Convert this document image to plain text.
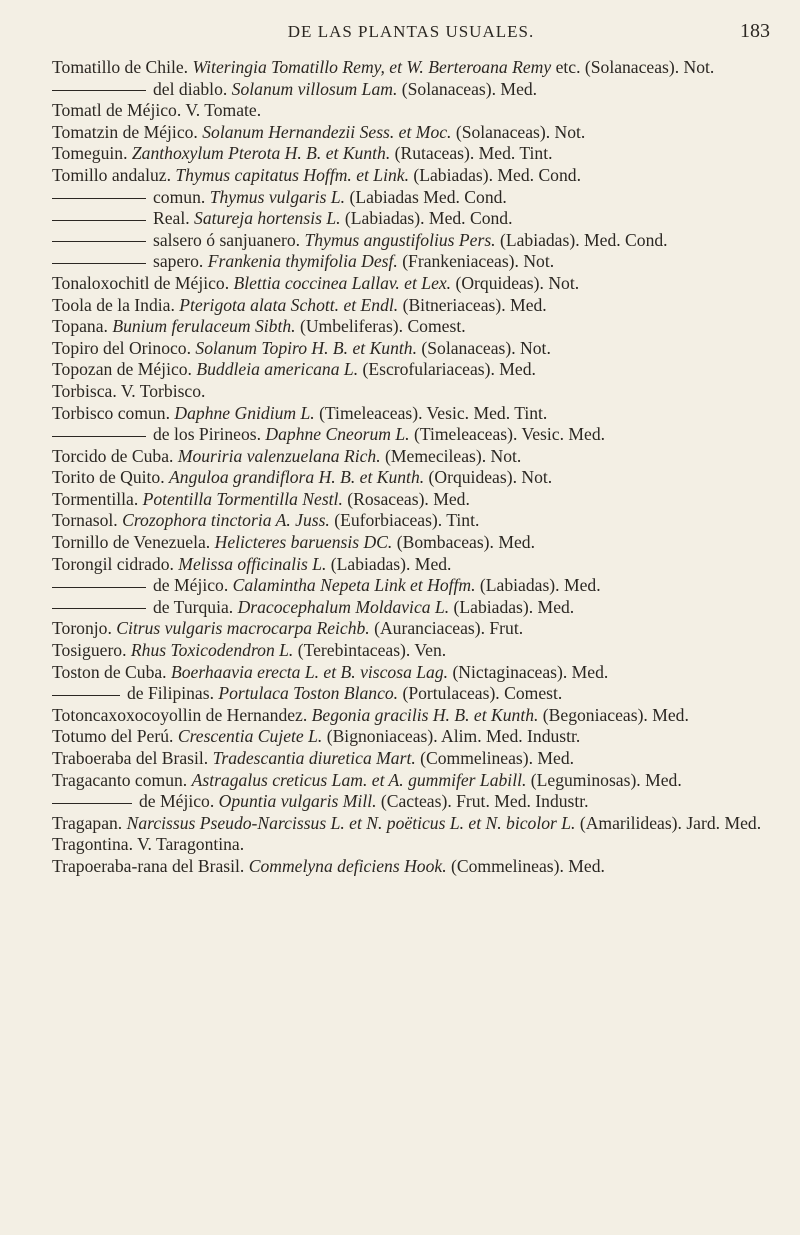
DE LAS PLANTAS USUALES.	183

Tomatillo de Chile. Witeringia Tomatillo Remy, et W. Berteroana Remy etc. (Solanaceas). Not.

del diablo. Solanum villosum Lam. (Solanaceas). Med.

Tomatl de Méjico. V. Tomate.

Tomatzin de Méjico. Solanum Hernandezii Sess. et Moc. (Solanaceas). Not.

Tomeguin. Zanthoxylum Pterota H. B. et Kunth. (Rutaceas). Med. Tint.

Tomillo andaluz. Thymus capitatus Hoffm. et Link. (Labiadas). Med. Cond.

comun. Thymus vulgaris L. (Labiadas Med. Cond.

Real. Satureja hortensis L. (Labiadas). Med. Cond.

salsero ó sanjuanero. Thymus angustifolius Pers. (Labiadas). Med. Cond.

sapero. Frankenia thymifolia Desf. (Frankeniaceas). Not.

Tonaloxochitl de Méjico. Blettia coccinea Lallav. et Lex. (Orquideas). Not.

Toola de la India. Pterigota alata Schott. et Endl. (Bitneriaceas). Med.

Topana. Bunium ferulaceum Sibth. (Umbeliferas). Comest.

Topiro del Orinoco. Solanum Topiro H. B. et Kunth. (Solanaceas). Not.

Topozan de Méjico. Buddleia americana L. (Escrofulariaceas). Med.

Torbisca. V. Torbisco.

Torbisco comun. Daphne Gnidium L. (Timeleaceas). Vesic. Med. Tint.

de los Pirineos. Daphne Cneorum L. (Timeleaceas). Vesic. Med.

Torcido de Cuba. Mouriria valenzuelana Rich. (Memecileas). Not.

Torito de Quito. Anguloa grandiflora H. B. et Kunth. (Orquideas). Not.

Tormentilla. Potentilla Tormentilla Nestl. (Rosaceas). Med.

Tornasol. Crozophora tinctoria A. Juss. (Euforbiaceas). Tint.

Tornillo de Venezuela. Helicteres baruensis DC. (Bombaceas). Med.

Torongil cidrado. Melissa officinalis L. (Labiadas). Med.

de Méjico. Calamintha Nepeta Link et Hoffm. (Labiadas). Med.

de Turquia. Dracocephalum Moldavica L. (Labiadas). Med.

Toronjo. Citrus vulgaris macrocarpa Reichb. (Auranciaceas). Frut.

Tosiguero. Rhus Toxicodendron L. (Terebintaceas). Ven.

Toston de Cuba. Boerhaavia erecta L. et B. viscosa Lag. (Nictaginaceas). Med.

de Filipinas. Portulaca Toston Blanco. (Portulaceas). Comest.

Totoncaxoxocoyollin de Hernandez. Begonia gracilis H. B. et Kunth. (Begoniaceas). Med.

Totumo del Perú. Crescentia Cujete L. (Bignoniaceas). Alim. Med. Industr.

Traboeraba del Brasil. Tradescantia diuretica Mart. (Commelineas). Med.

Tragacanto comun. Astragalus creticus Lam. et A. gummifer Labill. (Leguminosas). Med.

de Méjico. Opuntia vulgaris Mill. (Cacteas). Frut. Med. Industr.

Tragapan. Narcissus Pseudo-Narcissus L. et N. poëticus L. et N. bicolor L. (Amarilideas). Jard. Med.

Tragontina. V. Taragontina.

Trapoeraba-rana del Brasil. Commelyna deficiens Hook. (Commelineas). Med.
